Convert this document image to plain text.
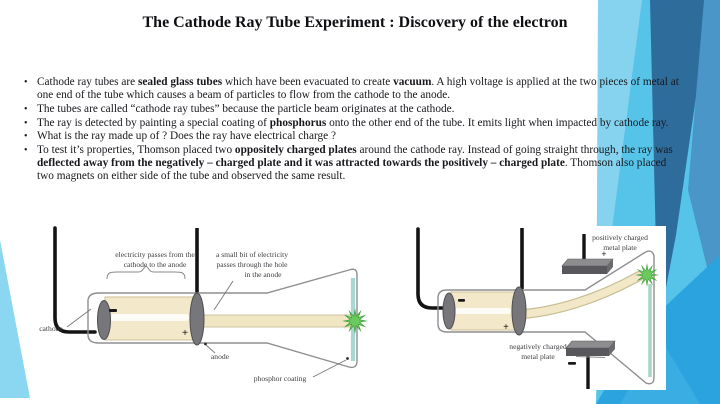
The Cathode Ray Tube Experiment : Discovery of the electron
• Cathode ray tubes are sealed glass tubes which have been evacuated to create vacuum. A high voltage is applied at the two pieces of metal at one end of the tube which causes a beam of particles to flow from the cathode to the anode.
• The tubes are called “cathode ray tubes” because the particle beam originates at the cathode.
• The ray is detected by painting a special coating of phosphorus onto the other end of the tube. It emits light when impacted by cathode ray.
• What is the ray made up of ? Does the ray have electrical charge ?
• To test it’s properties, Thomson placed two oppositely charged plates around the cathode ray. Instead of going straight through, the ray was deflected away from the negatively – charged plate and it was attracted towards the positively – charged plate. Thomson also placed two magnets on either side of the tube and observed the same result.
+
electricity passes from the
cathode to the anode
a small bit of electricity
passes through the hole
in the anode
cathode
anode
phosphor coating
+
+
positively charged
metal plate
negatively charged
metal plate
